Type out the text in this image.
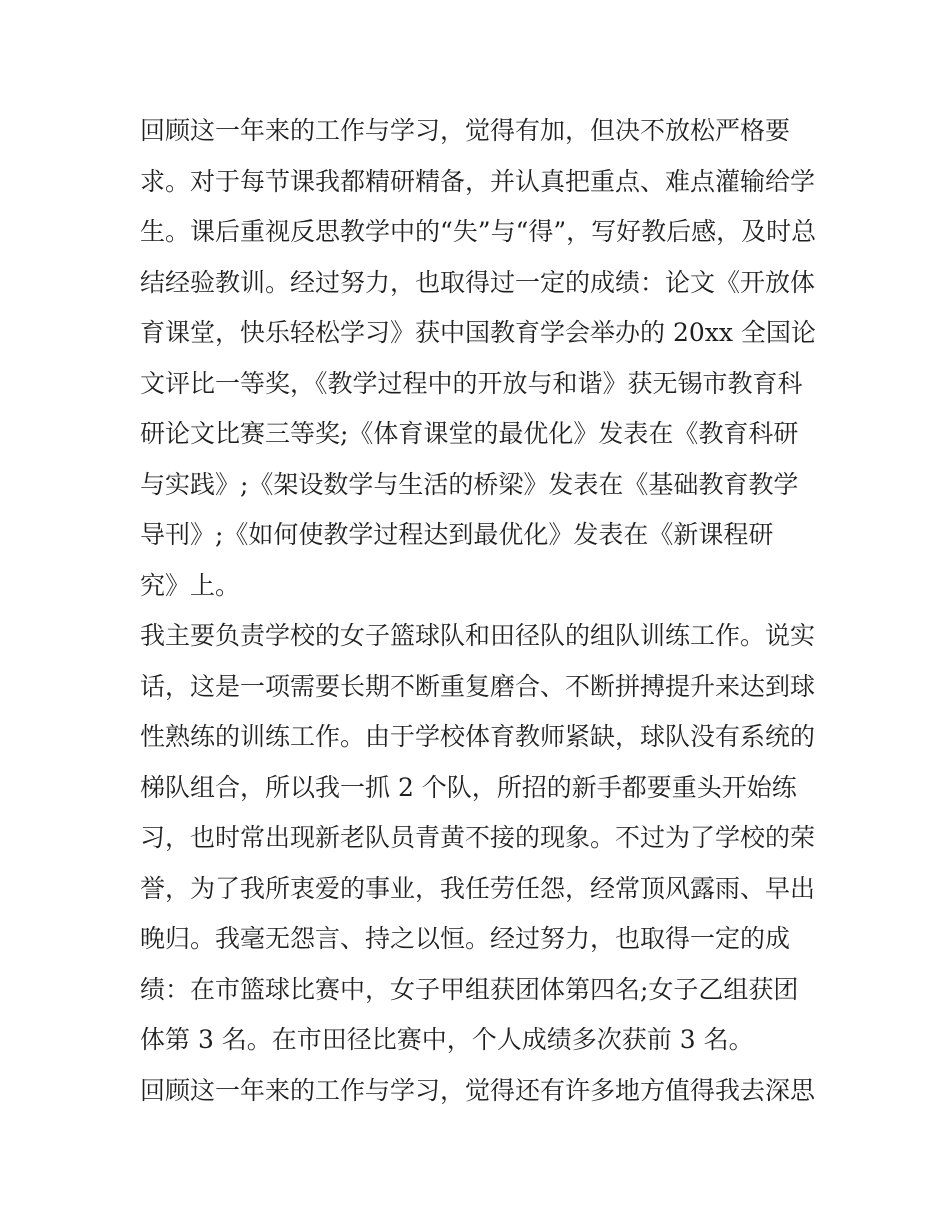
回顾这一年来的工作与学习，觉得有加，但决不放松严格要
求。对于每节课我都精研精备，并认真把重点、难点灌输给学
生。课后重视反思教学中的“失”与“得”，写好教后感，及时总
结经验教训。经过努力，也取得过一定的成绩：论文《开放体
育课堂，快乐轻松学习》获中国教育学会举办的 20xx 全国论
文评比一等奖，《教学过程中的开放与和谐》获无锡市教育科
研论文比赛三等奖;《体育课堂的最优化》发表在《教育科研
与实践》;《架设数学与生活的桥梁》发表在《基础教育教学
导刊》;《如何使教学过程达到最优化》发表在《新课程研
究》上。

我主要负责学校的女子篮球队和田径队的组队训练工作。说实
话，这是一项需要长期不断重复磨合、不断拼搏提升来达到球
性熟练的训练工作。由于学校体育教师紧缺，球队没有系统的
梯队组合，所以我一抓 2 个队，所招的新手都要重头开始练
习，也时常出现新老队员青黄不接的现象。不过为了学校的荣
誉，为了我所衷爱的事业，我任劳任怨，经常顶风露雨、早出
晚归。我毫无怨言、持之以恒。经过努力，也取得一定的成
绩：在市篮球比赛中，女子甲组获团体第四名;女子乙组获团
体第 3 名。在市田径比赛中，个人成绩多次获前 3 名。

回顾这一年来的工作与学习，觉得还有许多地方值得我去深思
